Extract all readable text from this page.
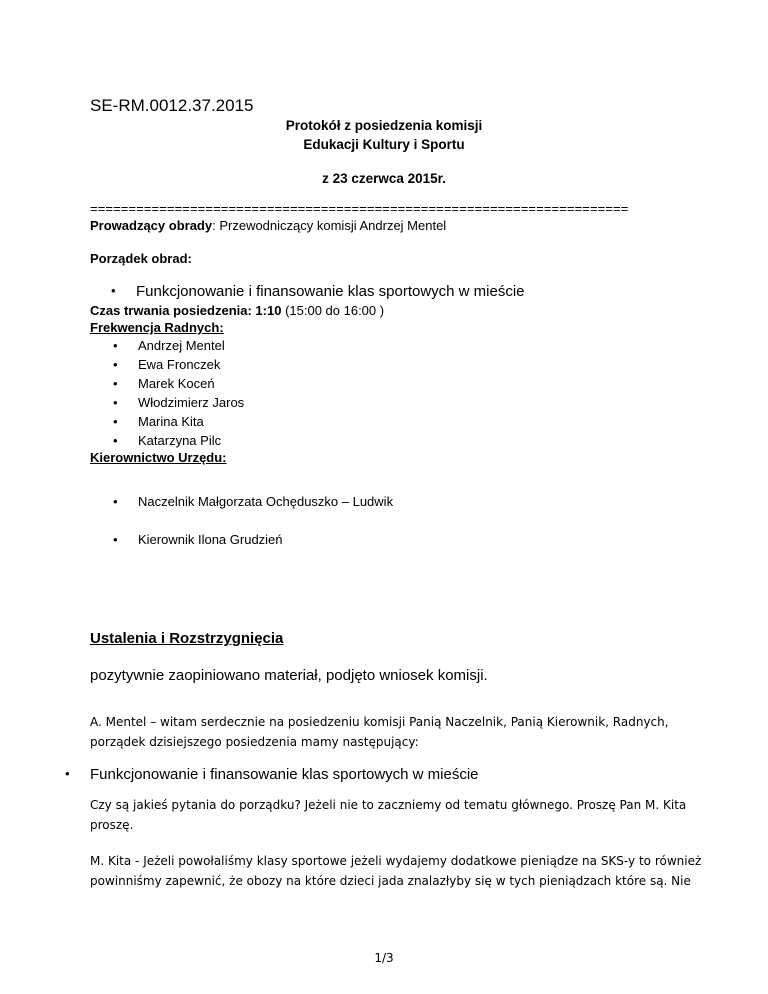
SE-RM.0012.37.2015
Protokół z posiedzenia komisji
Edukacji Kultury i Sportu
z 23 czerwca 2015r.
======================================================================
Prowadzący obrady: Przewodniczący komisji Andrzej Mentel
Porządek obrad:
• Funkcjonowanie i finansowanie klas sportowych w mieście
Czas trwania posiedzenia: 1:10 (15:00 do 16:00 )
Frekwencja Radnych:
• Andrzej Mentel
• Ewa Fronczek
• Marek Koceń
• Włodzimierz Jaros
• Marina Kita
• Katarzyna Pilc
Kierownictwo Urzędu:
• Naczelnik Małgorzata Ochęduszko – Ludwik
• Kierownik Ilona Grudzień
Ustalenia i Rozstrzygnięcia
pozytywnie zaopiniowano materiał, podjęto wniosek komisji.
A. Mentel – witam serdecznie na posiedzeniu komisji Panią Naczelnik, Panią Kierownik, Radnych,
porządek dzisiejszego posiedzenia mamy następujący:
• Funkcjonowanie i finansowanie klas sportowych w mieście
Czy są jakieś pytania do porządku? Jeżeli nie to zaczniemy od tematu głównego. Proszę Pan M. Kita
proszę.
M. Kita - Jeżeli powołaliśmy klasy sportowe jeżeli wydajemy dodatkowe pieniądze na SKS-y to również
powinniśmy zapewnić, że obozy na które dzieci jada znalazłyby się w tych pieniądzach które są. Nie
1/3
